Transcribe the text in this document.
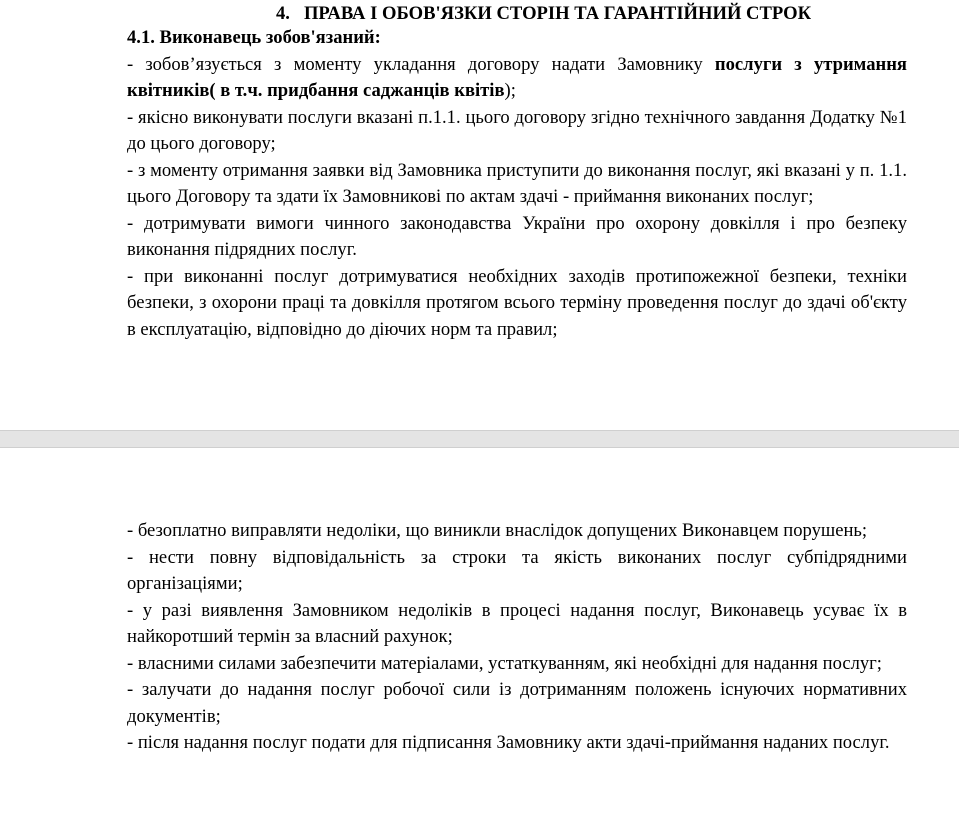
4. ПРАВА І ОБОВ'ЯЗКИ СТОРІН ТА ГАРАНТІЙНИЙ СТРОК

4.1. Виконавець зобов'язаний:

- зобов’язується з моменту укладання договору надати Замовнику послуги з утримання квітників( в т.ч. придбання саджанців квітів);

- якісно виконувати послуги вказані п.1.1. цього договору згідно технічного завдання Додатку №1 до цього договору;

- з моменту отримання заявки від Замовника приступити до виконання послуг, які вказані у п. 1.1. цього Договору та здати їх Замовникові по актам здачі - приймання виконаних послуг;

- дотримувати вимоги чинного законодавства України про охорону довкілля і про безпеку виконання підрядних послуг.

- при виконанні послуг дотримуватися необхідних заходів протипожежної безпеки, техніки безпеки, з охорони праці та довкілля протягом всього терміну проведення послуг до здачі об'єкту в експлуатацію, відповідно до діючих норм та правил;

- безоплатно виправляти недоліки, що виникли внаслідок допущених Виконавцем порушень;

- нести повну відповідальність за строки та якість виконаних послуг субпідрядними організаціями;

- у разі виявлення Замовником недоліків в процесі надання послуг, Виконавець усуває їх в найкоротший термін за власний рахунок;

- власними силами забезпечити матеріалами, устаткуванням, які необхідні для надання послуг;

- залучати до надання послуг робочої сили із дотриманням положень існуючих нормативних документів;

- після надання послуг подати для підписання Замовнику акти здачі-приймання наданих послуг.
